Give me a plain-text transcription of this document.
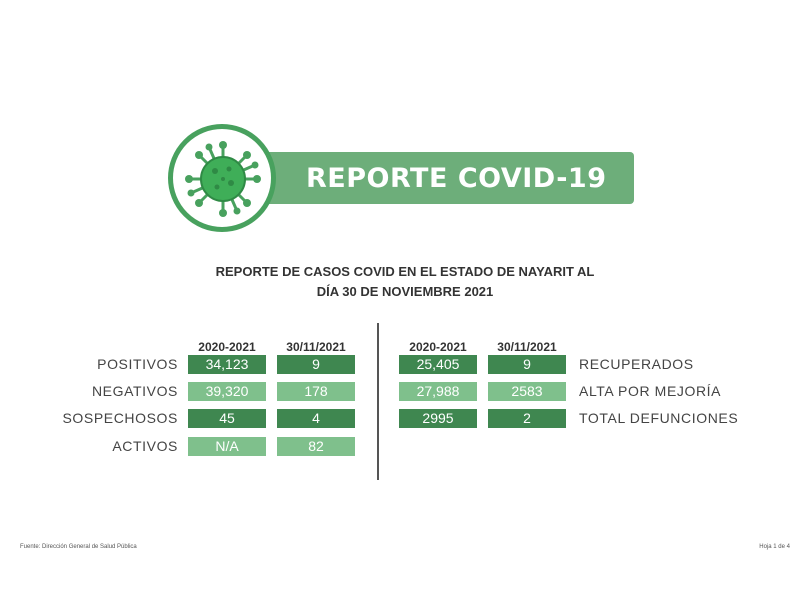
REPORTE COVID-19
REPORTE DE CASOS COVID EN EL ESTADO DE NAYARIT AL
DÍA 30 DE NOVIEMBRE 2021
2020-2021	30/11/2021
POSITIVOS	34,123	9
NEGATIVOS	39,320	178
SOSPECHOSOS	45	4
ACTIVOS	N/A	82
2020-2021	30/11/2021
25,405	9	RECUPERADOS
27,988	2583	ALTA POR MEJORÍA
2995	2	TOTAL DEFUNCIONES
Fuente: Dirección General de Salud Pública	Hoja 1 de 4
